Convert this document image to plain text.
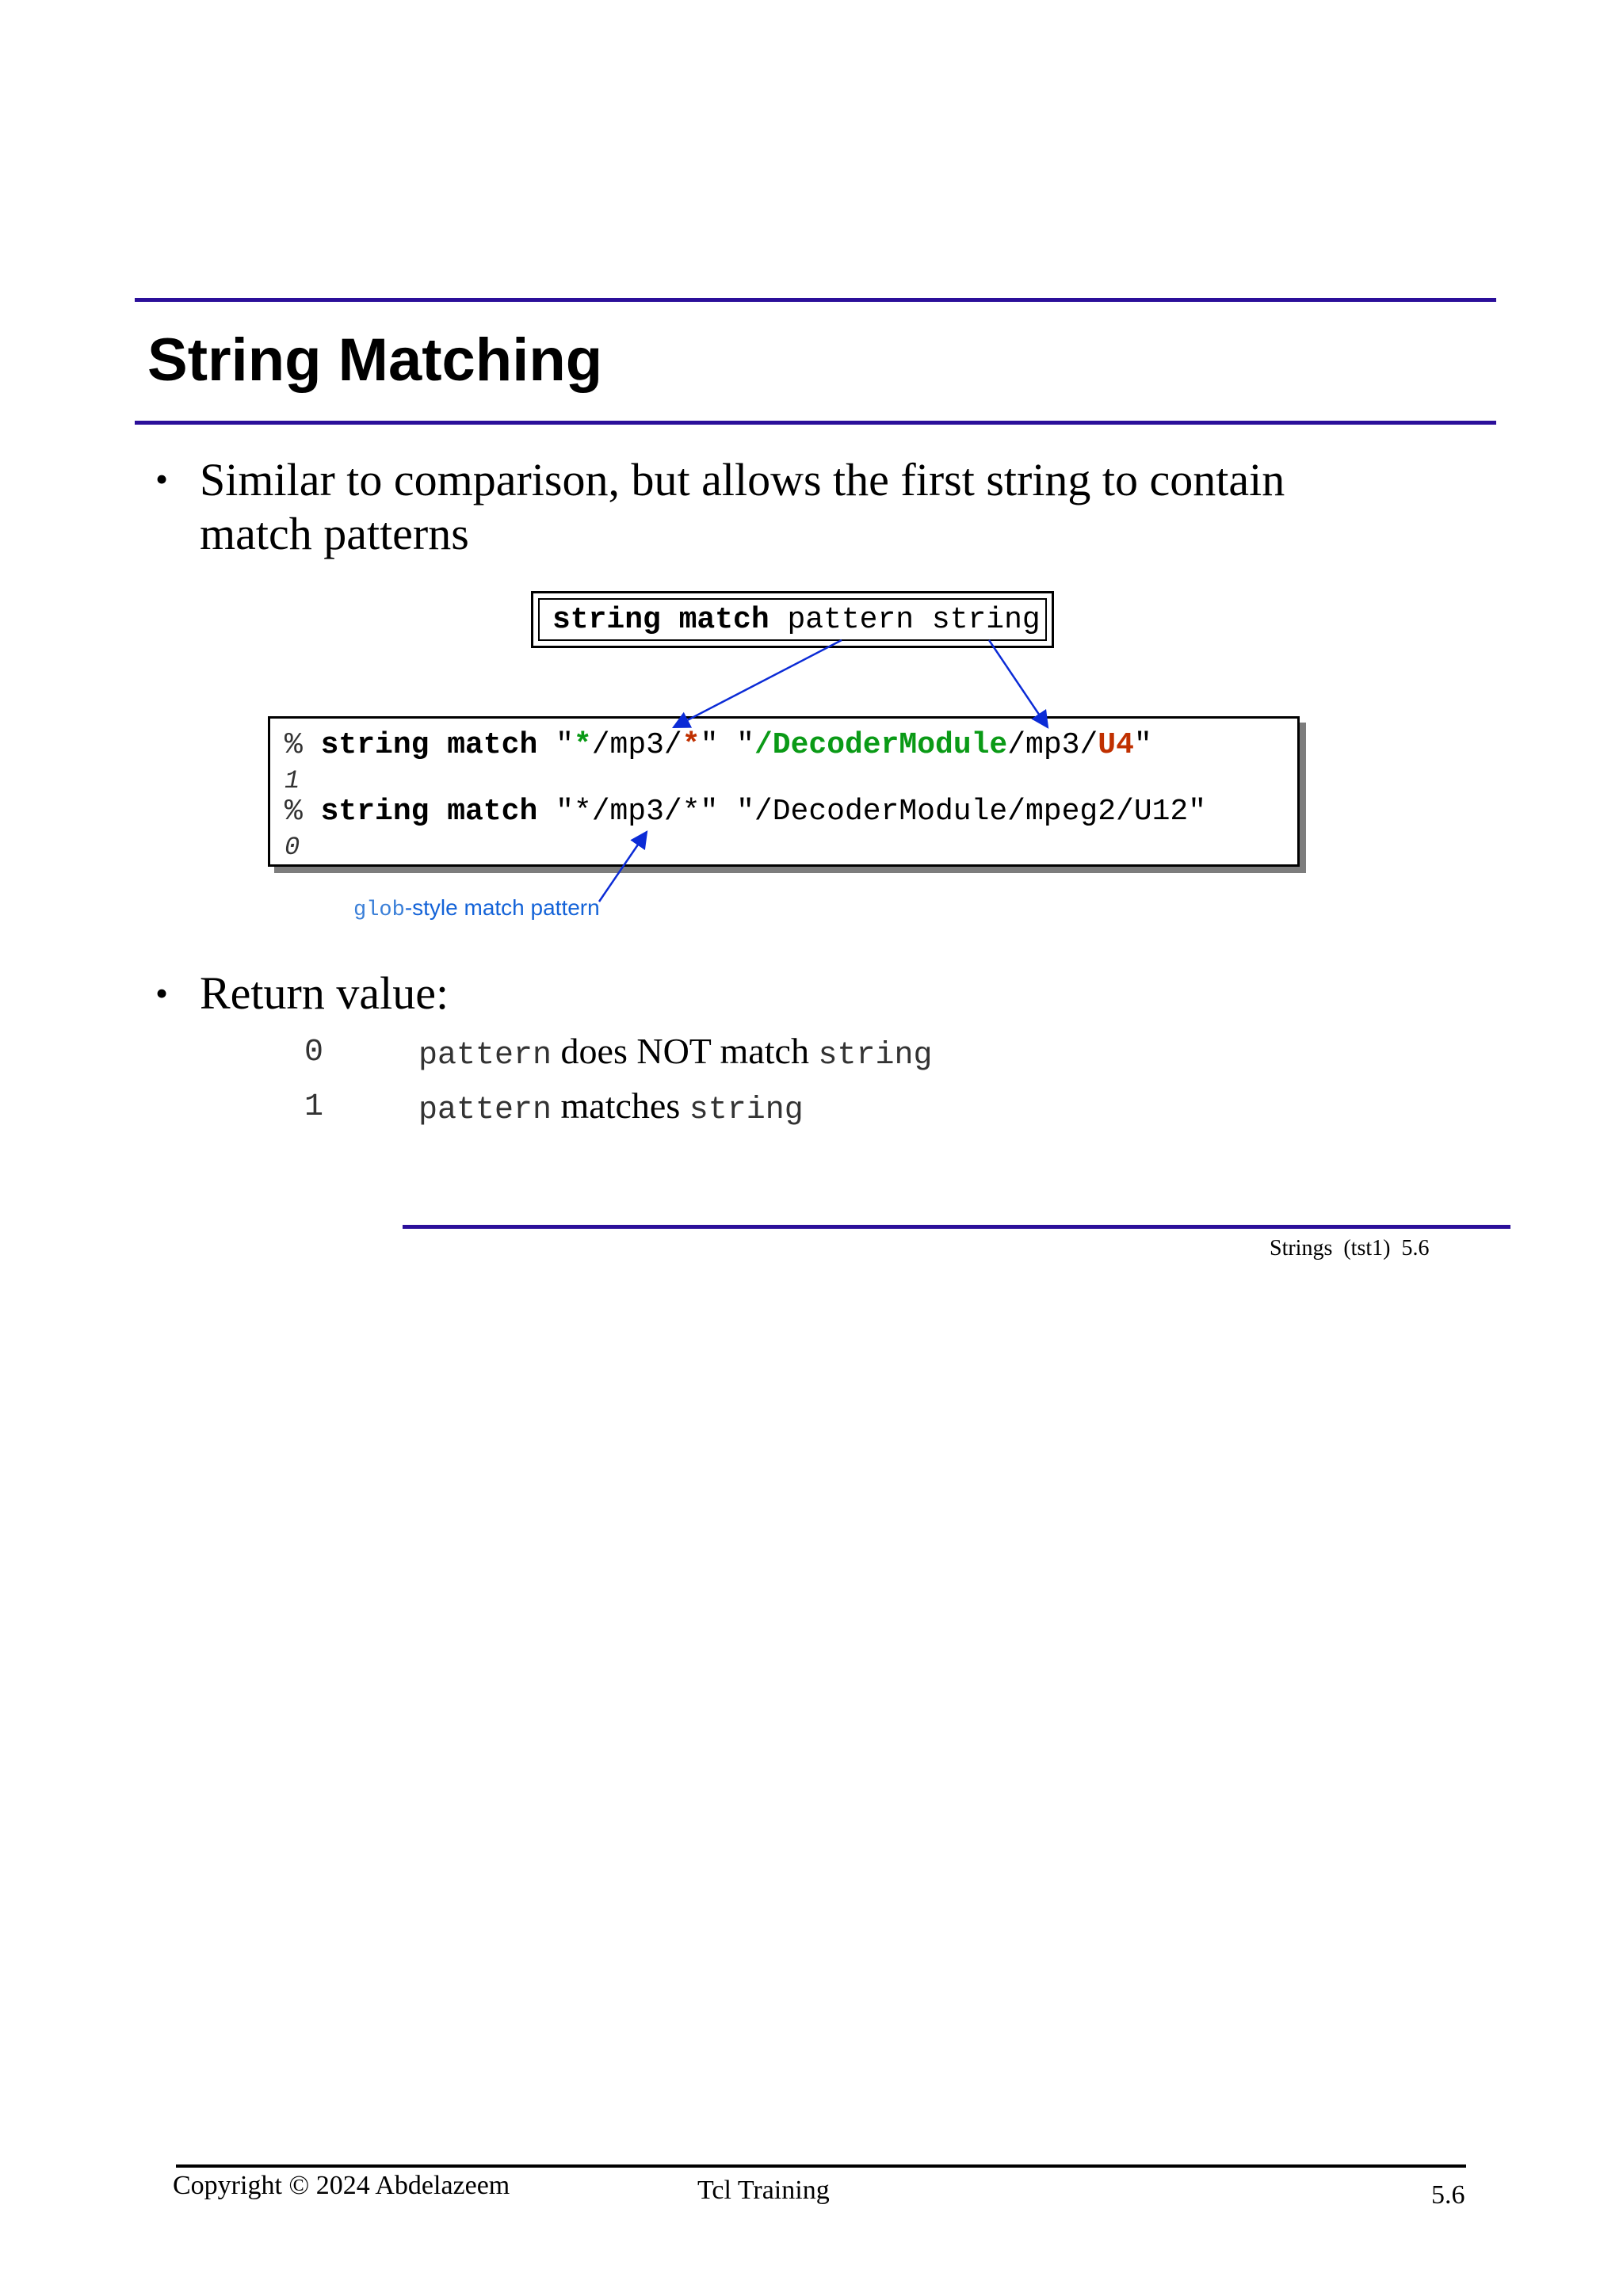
String Matching
• Similar to comparison, but allows the first string to contain
match patterns
string match pattern string
% string match "*/mp3/*" "/DecoderModule/mp3/U4"
1
% string match "*/mp3/*" "/DecoderModule/mpeg2/U12"
0
glob-style match pattern
• Return value:
0	pattern does NOT match string
1	pattern matches string
Strings  (tst1)  5.6
Copyright © 2024 Abdelazeem	Tcl Training	5.6
